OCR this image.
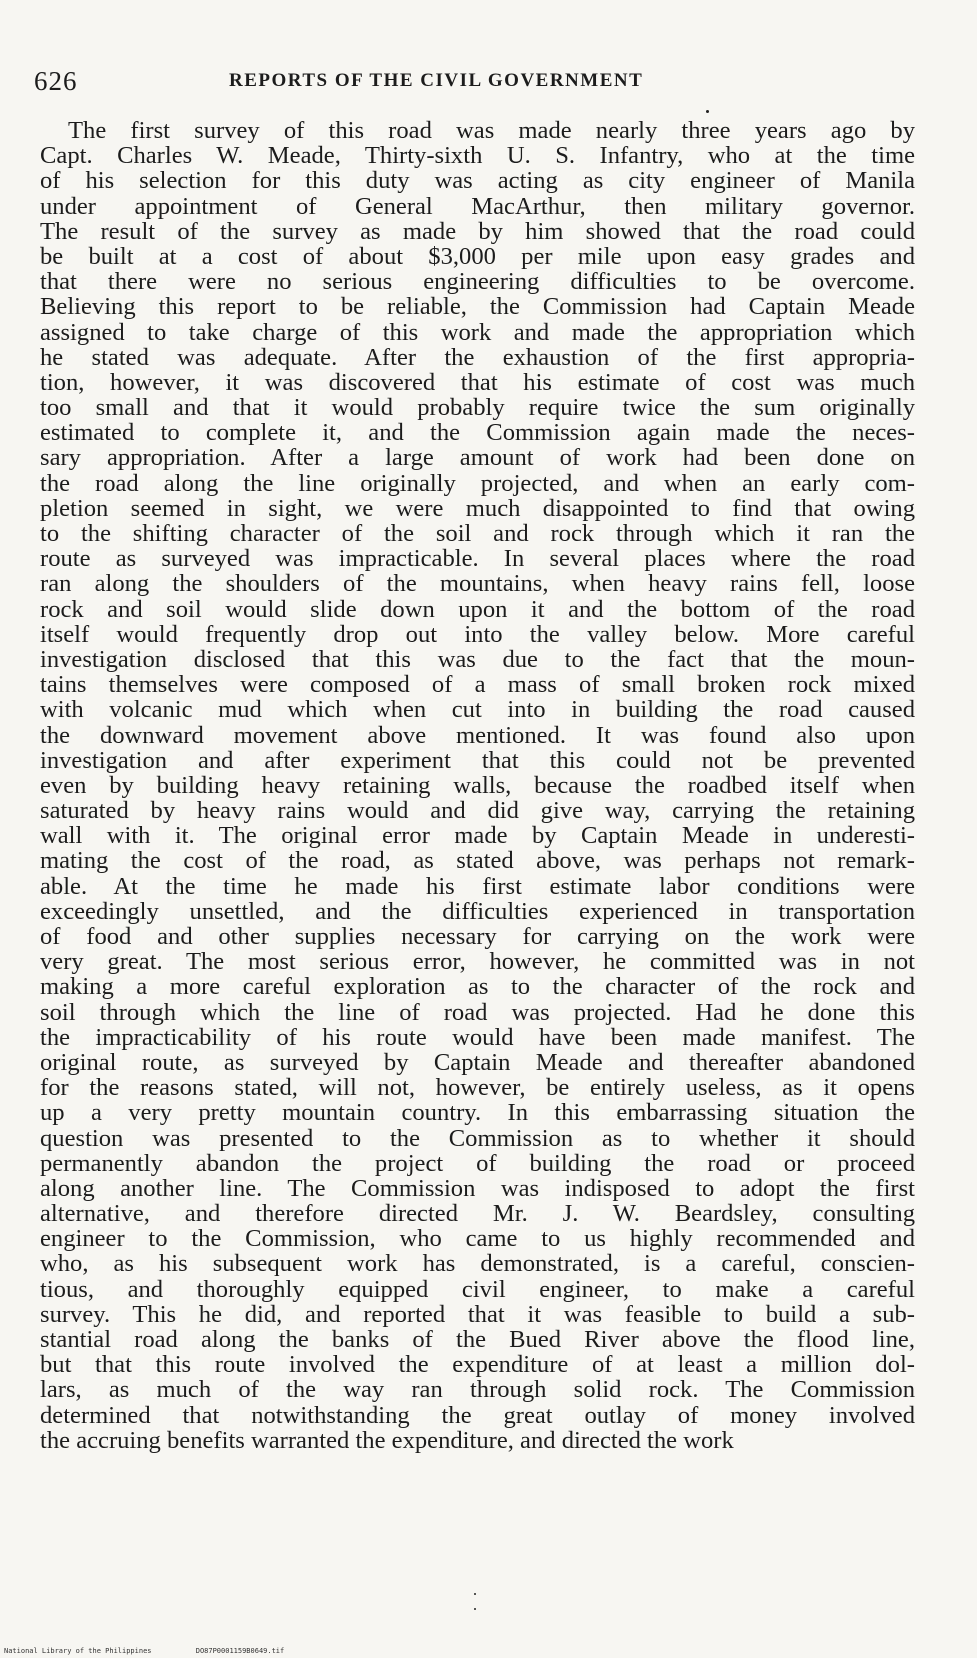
626	REPORTS OF THE CIVIL GOVERNMENT
The first survey of this road was made nearly three years ago by
Capt. Charles W. Meade, Thirty-sixth U. S. Infantry, who at the time
of his selection for this duty was acting as city engineer of Manila
under appointment of General MacArthur, then military governor.
The result of the survey as made by him showed that the road could
be built at a cost of about $3,000 per mile upon easy grades and
that there were no serious engineering difficulties to be overcome.
Believing this report to be reliable, the Commission had Captain Meade
assigned to take charge of this work and made the appropriation which
he stated was adequate. After the exhaustion of the first appropria-
tion, however, it was discovered that his estimate of cost was much
too small and that it would probably require twice the sum originally
estimated to complete it, and the Commission again made the neces-
sary appropriation. After a large amount of work had been done on
the road along the line originally projected, and when an early com-
pletion seemed in sight, we were much disappointed to find that owing
to the shifting character of the soil and rock through which it ran the
route as surveyed was impracticable. In several places where the road
ran along the shoulders of the mountains, when heavy rains fell, loose
rock and soil would slide down upon it and the bottom of the road
itself would frequently drop out into the valley below. More careful
investigation disclosed that this was due to the fact that the moun-
tains themselves were composed of a mass of small broken rock mixed
with volcanic mud which when cut into in building the road caused
the downward movement above mentioned. It was found also upon
investigation and after experiment that this could not be prevented
even by building heavy retaining walls, because the roadbed itself when
saturated by heavy rains would and did give way, carrying the retaining
wall with it. The original error made by Captain Meade in underesti-
mating the cost of the road, as stated above, was perhaps not remark-
able. At the time he made his first estimate labor conditions were
exceedingly unsettled, and the difficulties experienced in transportation
of food and other supplies necessary for carrying on the work were
very great. The most serious error, however, he committed was in not
making a more careful exploration as to the character of the rock and
soil through which the line of road was projected. Had he done this
the impracticability of his route would have been made manifest. The
original route, as surveyed by Captain Meade and thereafter abandoned
for the reasons stated, will not, however, be entirely useless, as it opens
up a very pretty mountain country. In this embarrassing situation the
question was presented to the Commission as to whether it should
permanently abandon the project of building the road or proceed
along another line. The Commission was indisposed to adopt the first
alternative, and therefore directed Mr. J. W. Beardsley, consulting
engineer to the Commission, who came to us highly recommended and
who, as his subsequent work has demonstrated, is a careful, conscien-
tious, and thoroughly equipped civil engineer, to make a careful
survey. This he did, and reported that it was feasible to build a sub-
stantial road along the banks of the Bued River above the flood line,
but that this route involved the expenditure of at least a million dol-
lars, as much of the way ran through solid rock. The Commission
determined that notwithstanding the great outlay of money involved
the accruing benefits warranted the expenditure, and directed the work
National Library of the Philippines	DO87P0001159B0649.tif
